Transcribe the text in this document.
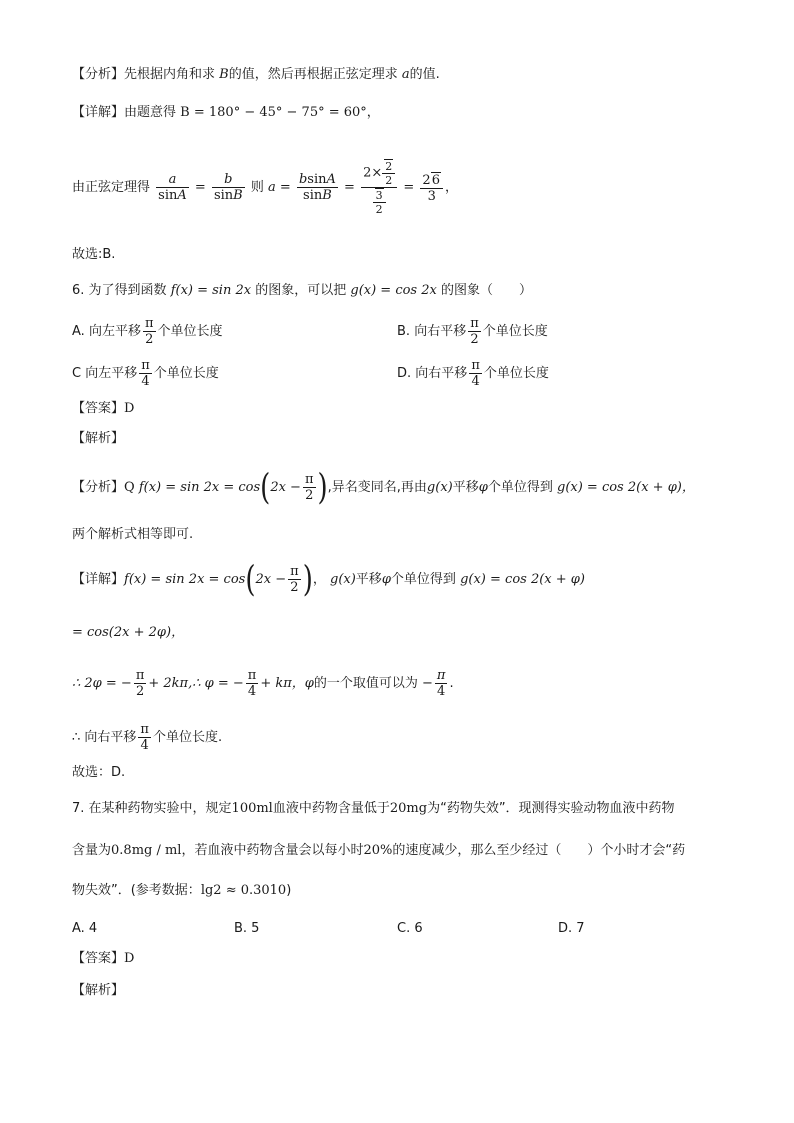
【分析】先根据内角和求 B的值，然后再根据正弦定理求 a的值.
【详解】由题意得 B = 180° − 45° − 75° = 60°，
由正弦定理得 $\frac{a}{\sin A} = \frac{b}{\sin B}$ 则 $a = \frac{bsinA}{\sin B} = \frac{2\times \frac{2}{2}}{\frac{3}{2}} = \frac{26}{3}$ ，
故选:B.
6. 为了得到函数 f(x) = sin 2x 的图象，可以把 g(x) = cos 2x 的图象（　　）
A. 向左平移 $\frac{\pi}{2}$ 个单位长度	B. 向右平移 $\frac{\pi}{2}$ 个单位长度
C 向左平移 $\frac{\pi}{4}$ 个单位长度	D. 向右平移 $\frac{\pi}{4}$ 个单位长度
【答案】D
【解析】
【分析】Q $f(x) = \sin 2x = \cos(2x - \frac{\pi}{2}$ ),异名变同名,再由g(x)平移φ个单位得到 g(x) = cos 2(x + φ)，
两个解析式相等即可.
【详解】$f(x) = \sin 2x = \cos(2x - \frac{\pi}{2}$ )， g(x)平移φ个单位得到 g(x) = cos 2(x + φ)
= cos(2x + 2φ)，
∴ 2φ = − $\frac{\pi}{2}$ + 2kπ,∴ φ = − $\frac{\pi}{4} + k\pi$，φ的一个取值可以为 − $\frac{\pi}{4}$ .
∴ 向右平移 $\frac{\pi}{4}$ 个单位长度.
故选：D.
7. 在某种药物实验中，规定100ml血液中药物含量低于20mg为“药物失效”．现测得实验动物血液中药物
含量为0.8mg / ml，若血液中药物含量会以每小时20%的速度减少，那么至少经过（　　）个小时才会“药
物失效”．(参考数据：lg2 ≈ 0.3010)
A. 4	B. 5	C. 6	D. 7
【答案】D
【解析】
